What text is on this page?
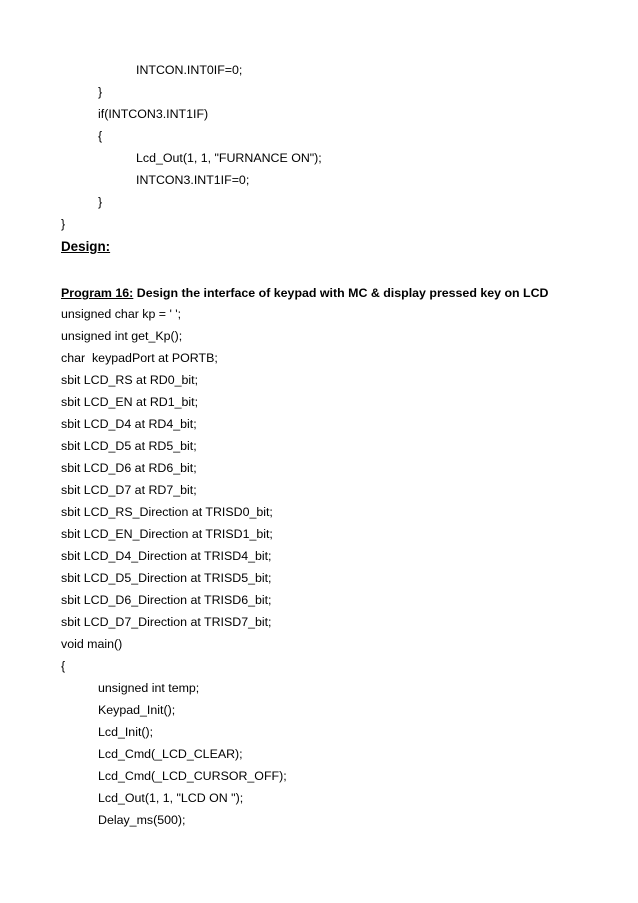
INTCON.INT0IF=0;
}
if(INTCON3.INT1IF)
{
Lcd_Out(1, 1, "FURNANCE ON");
INTCON3.INT1IF=0;
}
}
Design:
Program 16: Design the interface of keypad with MC & display pressed key on LCD
unsigned char kp = ' ';
unsigned int get_Kp();
char  keypadPort at PORTB;
sbit LCD_RS at RD0_bit;
sbit LCD_EN at RD1_bit;
sbit LCD_D4 at RD4_bit;
sbit LCD_D5 at RD5_bit;
sbit LCD_D6 at RD6_bit;
sbit LCD_D7 at RD7_bit;
sbit LCD_RS_Direction at TRISD0_bit;
sbit LCD_EN_Direction at TRISD1_bit;
sbit LCD_D4_Direction at TRISD4_bit;
sbit LCD_D5_Direction at TRISD5_bit;
sbit LCD_D6_Direction at TRISD6_bit;
sbit LCD_D7_Direction at TRISD7_bit;
void main()
{
unsigned int temp;
Keypad_Init();
Lcd_Init();
Lcd_Cmd(_LCD_CLEAR);
Lcd_Cmd(_LCD_CURSOR_OFF);
Lcd_Out(1, 1, "LCD ON ");
Delay_ms(500);
